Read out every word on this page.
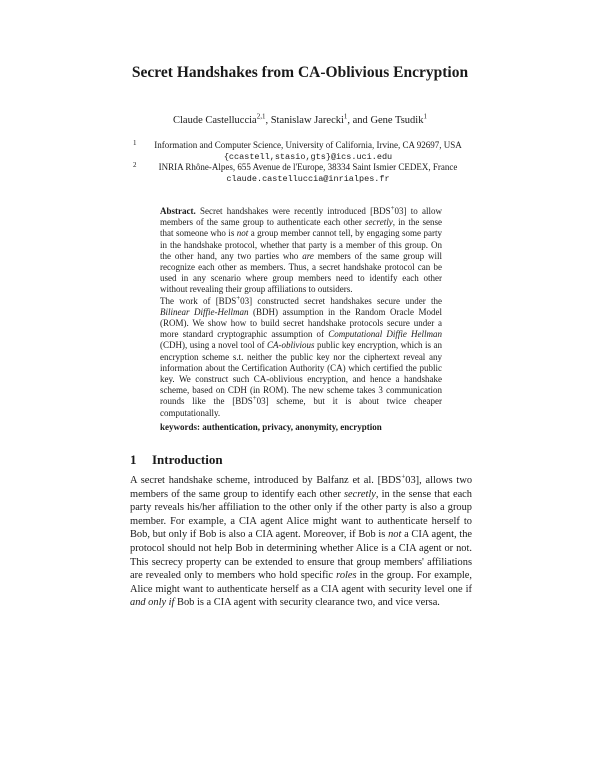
Secret Handshakes from CA-Oblivious Encryption
Claude Castelluccia$^{2,1}$, Stanislaw Jarecki$^1$, and Gene Tsudik$^1$
1	Information and Computer Science, University of California, Irvine, CA 92697, USA
{ccastell,stasio,gts}@ics.uci.edu
2	INRIA Rhône-Alpes, 655 Avenue de l'Europe, 38334 Saint Ismier CEDEX, France
claude.castelluccia@inrialpes.fr

Abstract. Secret handshakes were recently introduced [BDS+03] to allow members of the same group to authenticate each other secretly, in the sense that someone who is not a group member cannot tell, by engaging some party in the handshake protocol, whether that party is a member of this group. On the other hand, any two parties who are members of the same group will recognize each other as members. Thus, a secret handshake protocol can be used in any scenario where group members need to identify each other without revealing their group affiliations to outsiders.

The work of [BDS+03] constructed secret handshakes secure under the Bilinear Diffie-Hellman (BDH) assumption in the Random Oracle Model (ROM). We show how to build secret handshake protocols secure under a more standard cryptographic assumption of Computational Diffie Hellman (CDH), using a novel tool of CA-oblivious public key encryption, which is an encryption scheme s.t. neither the public key nor the ciphertext reveal any information about the Certification Authority (CA) which certified the public key. We construct such CA-oblivious encryption, and hence a handshake scheme, based on CDH (in ROM). The new scheme takes 3 communication rounds like the [BDS+03] scheme, but it is about twice cheaper computationally.

keywords: authentication, privacy, anonymity, encryption
1 Introduction

A secret handshake scheme, introduced by Balfanz et al. [BDS+03], allows two members of the same group to identify each other secretly, in the sense that each party reveals his/her affiliation to the other only if the other party is also a group member. For example, a CIA agent Alice might want to authenticate herself to Bob, but only if Bob is also a CIA agent. Moreover, if Bob is not a CIA agent, the protocol should not help Bob in determining whether Alice is a CIA agent or not. This secrecy property can be extended to ensure that group members' affiliations are revealed only to members who hold specific roles in the group. For example, Alice might want to authenticate herself as a CIA agent with security level one if and only if Bob is a CIA agent with security clearance two, and vice versa.
